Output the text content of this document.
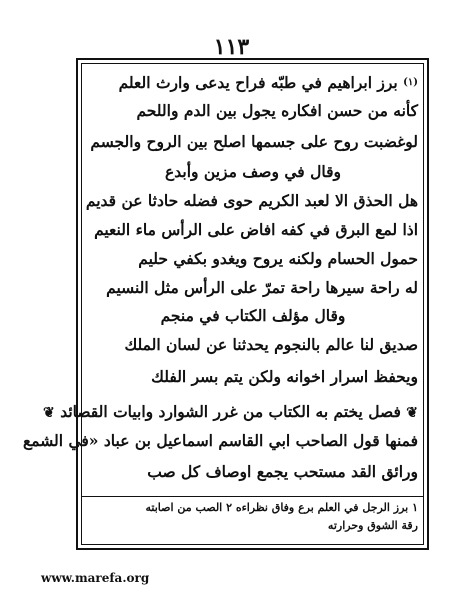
١١٣
$^{(١)}$ برز ابراهيم في طبّه فراح يدعى وارث العلم
كأنه من حسن افكاره يجول بين الدم واللحم
لوغضبت روح على جسمها اصلح بين الروح والجسم
وقال في وصف مزين وأبدع
هل الحذق الا لعبد الكريم حوى فضله حادثا عن قديم
اذا لمع البرق في كفه افاض على الرأس ماء النعيم
حمول الحسام ولكنه يروح ويغدو بكفي حليم
له راحة سيرها راحة تمرّ على الرأس مثل النسيم
وقال مؤلف الكتاب في منجم
صديق لنا عالم بالنجوم يحدثنا عن لسان الملك
ويحفظ اسرار اخوانه ولكن يتم بسر الفلك
❦ فصل يختم به الكتاب من غرر الشوارد وابيات القصائد ❦
فمنها قول الصاحب ابي القاسم اسماعيل بن عباد «في الشمع
ورائق القد مستحب يجمع اوصاف كل صب
١ برز الرجل في العلم برع وفاق نظراءه ٢ الصب من اصابته
رقة الشوق وحرارته
www.marefa.org
